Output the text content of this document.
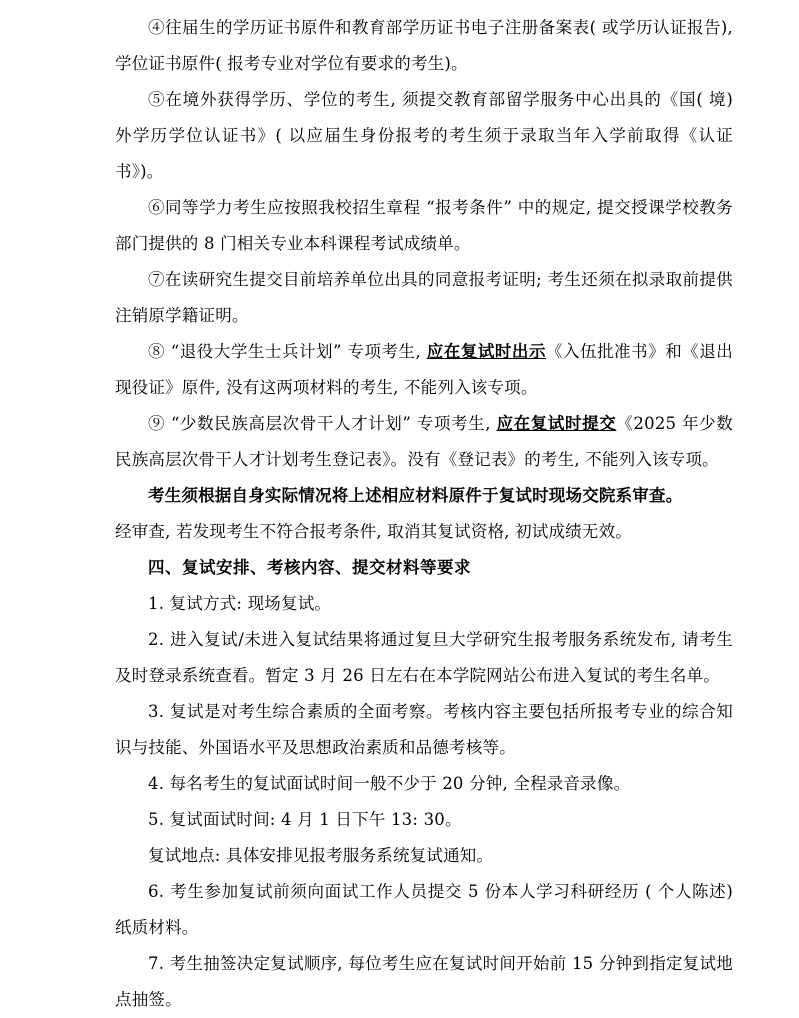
④往届生的学历证书原件和教育部学历证书电子注册备案表( 或学历认证报告), 学位证书原件( 报考专业对学位有要求的考生)。
⑤在境外获得学历、学位的考生, 须提交教育部留学服务中心出具的《国( 境) 外学历学位认证书》( 以应届生身份报考的考生须于录取当年入学前取得《认证书》)。
⑥同等学力考生应按照我校招生章程 “报考条件” 中的规定, 提交授课学校教务部门提供的 8 门相关专业本科课程考试成绩单。
⑦在读研究生提交目前培养单位出具的同意报考证明; 考生还须在拟录取前提供注销原学籍证明。
⑧ “退役大学生士兵计划” 专项考生, 应在复试时出示《入伍批准书》和《退出现役证》原件, 没有这两项材料的考生, 不能列入该专项。
⑨ “少数民族高层次骨干人才计划” 专项考生, 应在复试时提交《2025 年少数民族高层次骨干人才计划考生登记表》。没有《登记表》的考生, 不能列入该专项。
考生须根据自身实际情况将上述相应材料原件于复试时现场交院系审查。
经审查, 若发现考生不符合报考条件, 取消其复试资格, 初试成绩无效。
四、复试安排、考核内容、提交材料等要求
1. 复试方式: 现场复试。
2. 进入复试/未进入复试结果将通过复旦大学研究生报考服务系统发布, 请考生及时登录系统查看。暂定 3 月 26 日左右在本学院网站公布进入复试的考生名单。
3. 复试是对考生综合素质的全面考察。考核内容主要包括所报考专业的综合知识与技能、外国语水平及思想政治素质和品德考核等。
4. 每名考生的复试面试时间一般不少于 20 分钟, 全程录音录像。
5. 复试面试时间: 4 月 1 日下午 13: 30。
复试地点: 具体安排见报考服务系统复试通知。
6. 考生参加复试前须向面试工作人员提交 5 份本人学习科研经历 ( 个人陈述) 纸质材料。
7. 考生抽签决定复试顺序, 每位考生应在复试时间开始前 15 分钟到指定复试地点抽签。
